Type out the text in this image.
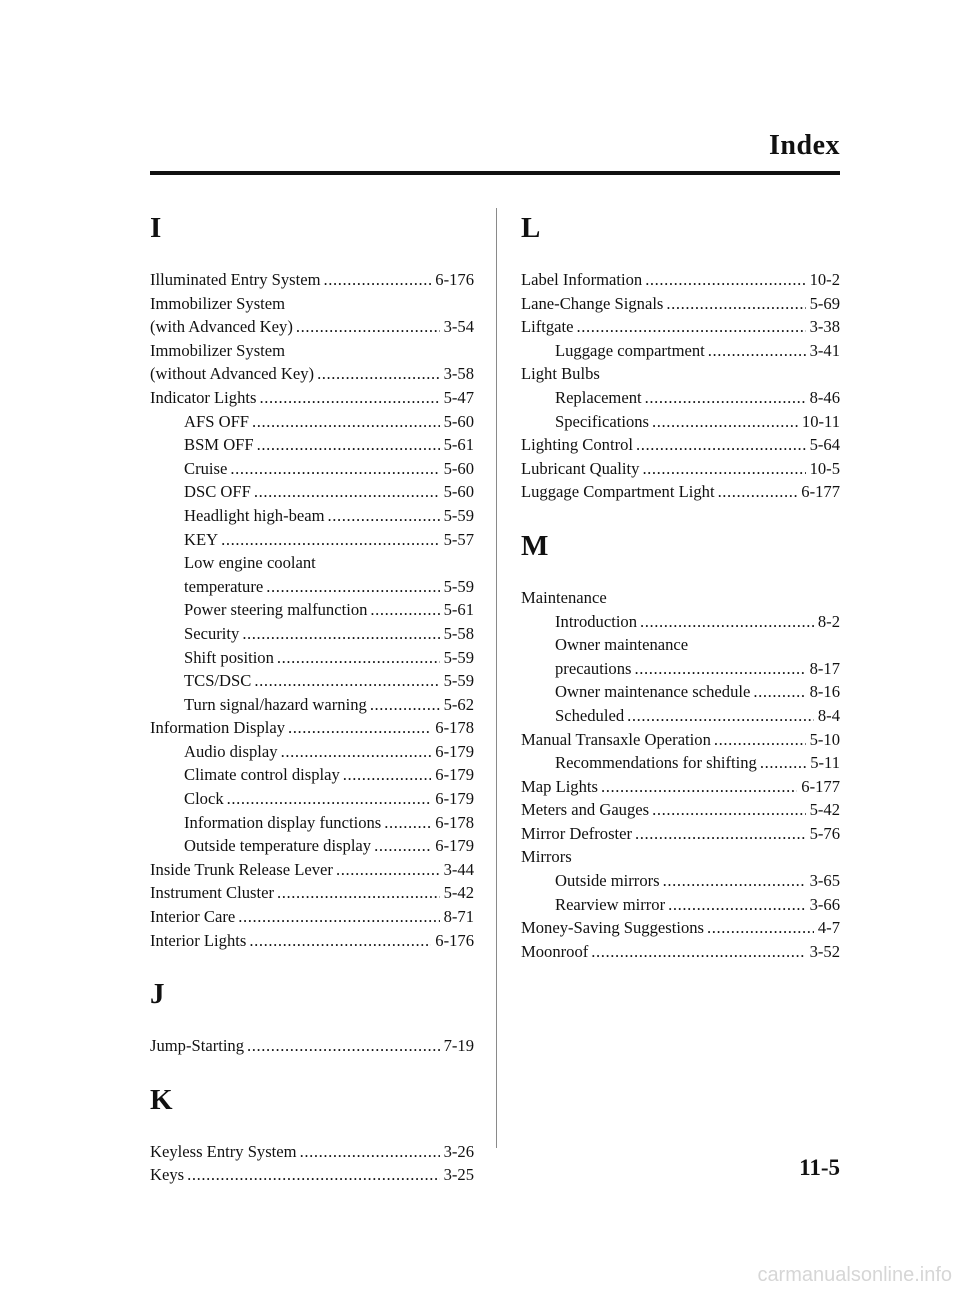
Index
I
Illuminated Entry System .....	6-176
Immobilizer System
(with Advanced Key) .....	3-54
Immobilizer System
(without Advanced Key) .....	3-58
Indicator Lights .....	5-47
AFS OFF .....	5-60
BSM OFF .....	5-61
Cruise .....	5-60
DSC OFF .....	5-60
Headlight high-beam .....	5-59
KEY .....	5-57
Low engine coolant
temperature .....	5-59
Power steering malfunction .....	5-61
Security .....	5-58
Shift position .....	5-59
TCS/DSC .....	5-59
Turn signal/hazard warning .....	5-62
Information Display .....	6-178
Audio display .....	6-179
Climate control display .....	6-179
Clock .....	6-179
Information display functions .....	6-178
Outside temperature display .....	6-179
Inside Trunk Release Lever .....	3-44
Instrument Cluster .....	5-42
Interior Care .....	8-71
Interior Lights .....	6-176
J
Jump-Starting .....	7-19
K
Keyless Entry System .....	3-26
Keys .....	3-25
L
Label Information .....	10-2
Lane-Change Signals .....	5-69
Liftgate .....	3-38
Luggage compartment .....	3-41
Light Bulbs
Replacement .....	8-46
Specifications .....	10-11
Lighting Control .....	5-64
Lubricant Quality .....	10-5
Luggage Compartment Light .....	6-177
M
Maintenance
Introduction .....	8-2
Owner maintenance
precautions .....	8-17
Owner maintenance schedule .....	8-16
Scheduled .....	8-4
Manual Transaxle Operation .....	5-10
Recommendations for shifting .....	5-11
Map Lights .....	6-177
Meters and Gauges .....	5-42
Mirror Defroster .....	5-76
Mirrors
Outside mirrors .....	3-65
Rearview mirror .....	3-66
Money-Saving Suggestions .....	4-7
Moonroof .....	3-52
11-5
carmanualsonline.info
